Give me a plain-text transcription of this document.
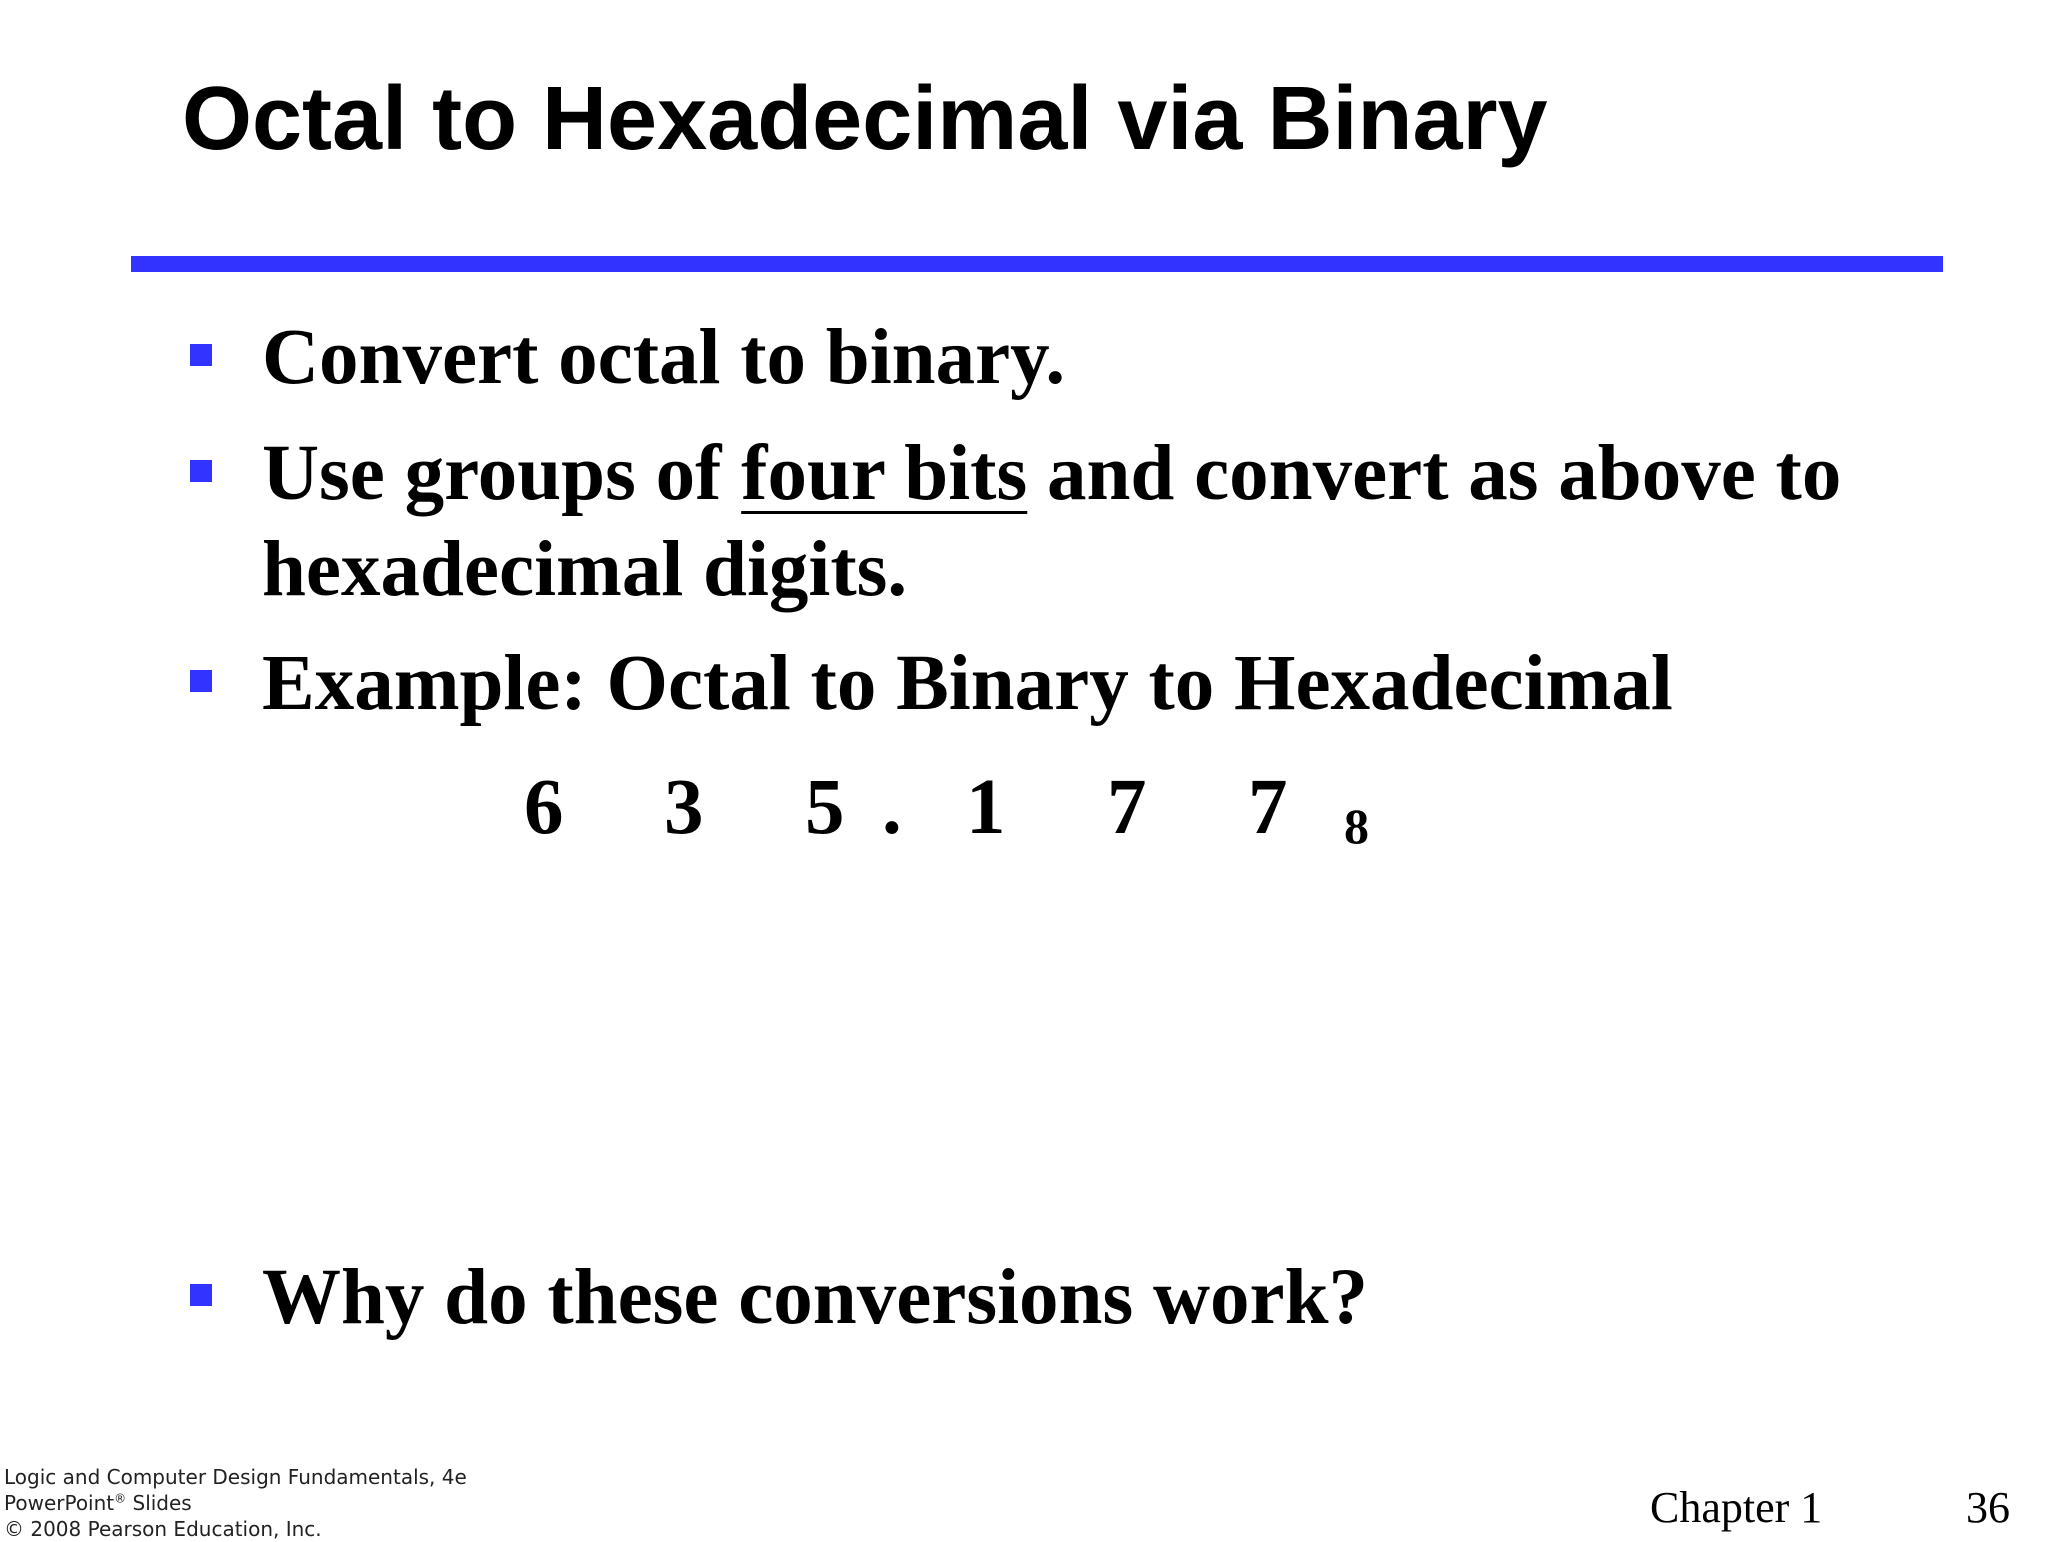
Octal to Hexadecimal via Binary
Convert octal to binary.
Use groups of four bits and convert as above to
hexadecimal digits.
Example: Octal to Binary to Hexadecimal
6 3 5 . 1 7 7 8
Why do these conversions work?
Logic and Computer Design Fundamentals, 4e
PowerPoint® Slides
© 2008 Pearson Education, Inc.	Chapter 1	36
